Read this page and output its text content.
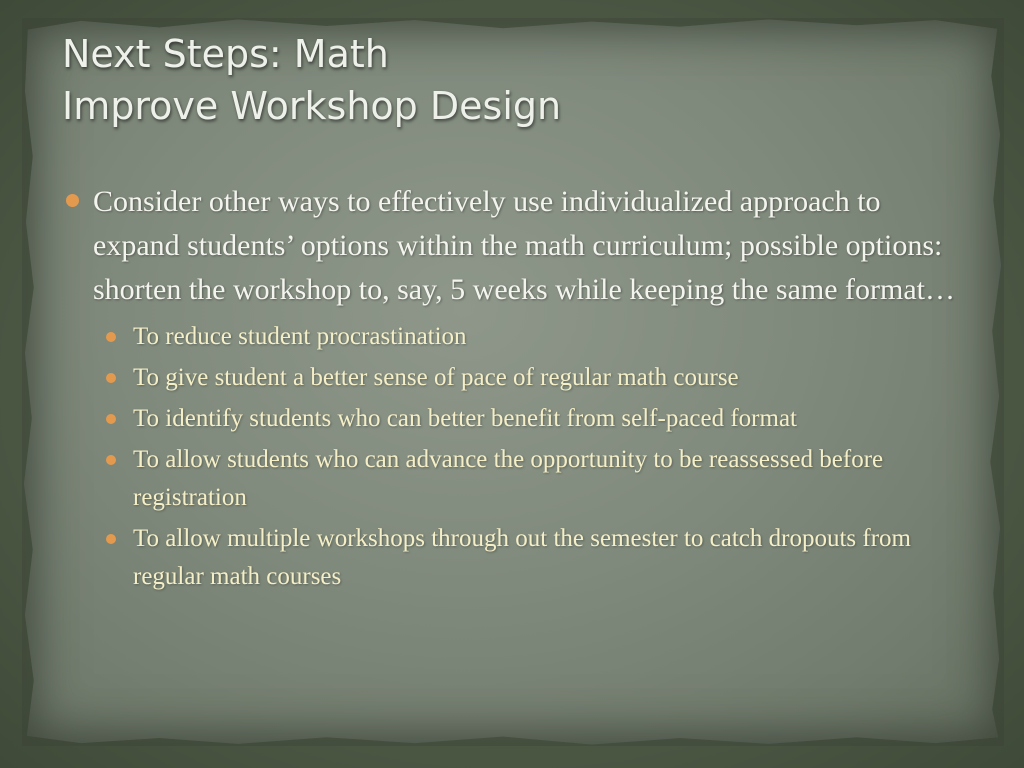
Next Steps: Math
Improve Workshop Design
Consider other ways to effectively use individualized approach to expand students’ options within the math curriculum; possible options: shorten the workshop to, say, 5 weeks while keeping the same format…
To reduce student procrastination
To give student a better sense of pace of regular math course
To identify students who can better benefit from self-paced format
To allow students who can advance the opportunity to be reassessed before registration
To allow multiple workshops through out the semester to catch dropouts from regular math courses
